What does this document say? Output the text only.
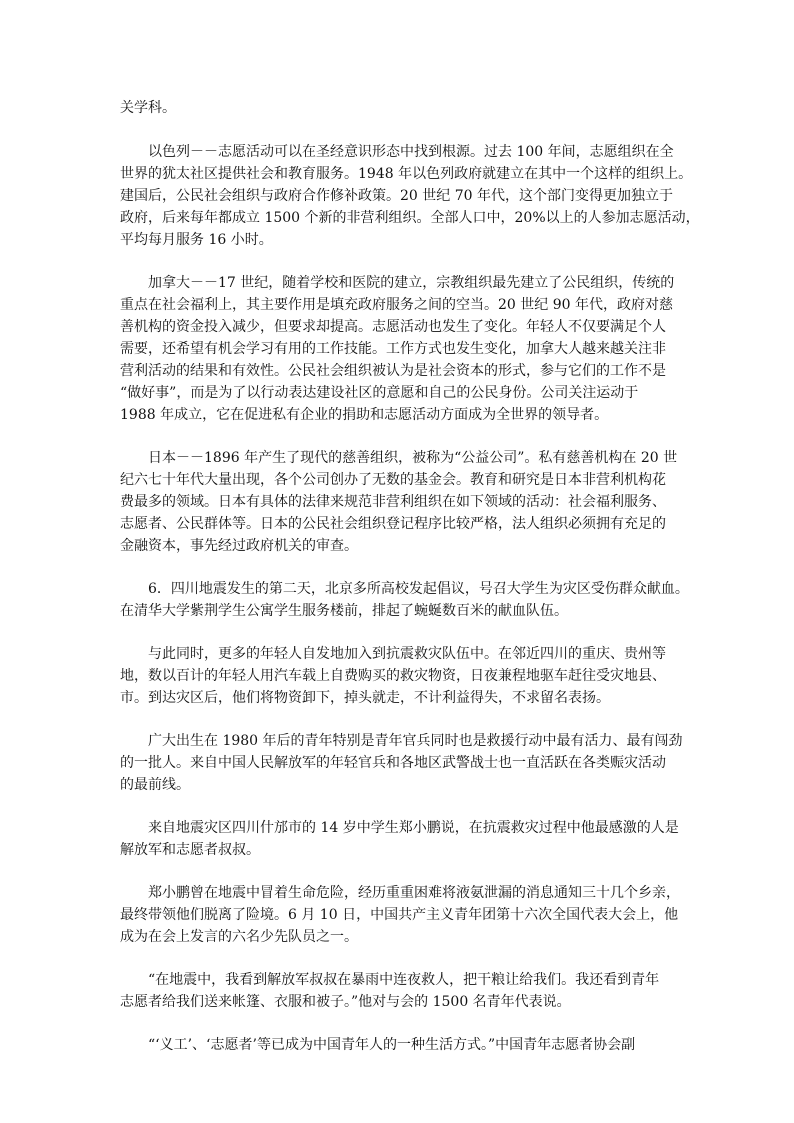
关学科。
以色列－－志愿活动可以在圣经意识形态中找到根源。过去 100 年间，志愿组织在全
世界的犹太社区提供社会和教育服务。1948 年以色列政府就建立在其中一个这样的组织上。
建国后，公民社会组织与政府合作修补政策。20 世纪 70 年代，这个部门变得更加独立于
政府，后来每年都成立 1500 个新的非营利组织。全部人口中，20%以上的人参加志愿活动，
平均每月服务 16 小时。
加拿大－－17 世纪，随着学校和医院的建立，宗教组织最先建立了公民组织，传统的
重点在社会福利上，其主要作用是填充政府服务之间的空当。20 世纪 90 年代，政府对慈
善机构的资金投入减少，但要求却提高。志愿活动也发生了变化。年轻人不仅要满足个人
需要，还希望有机会学习有用的工作技能。工作方式也发生变化，加拿大人越来越关注非
营利活动的结果和有效性。公民社会组织被认为是社会资本的形式，参与它们的工作不是
“做好事”，而是为了以行动表达建设社区的意愿和自己的公民身份。公司关注运动于
1988 年成立，它在促进私有企业的捐助和志愿活动方面成为全世界的领导者。
日本－－1896 年产生了现代的慈善组织，被称为“公益公司”。私有慈善机构在 20 世
纪六七十年代大量出现，各个公司创办了无数的基金会。教育和研究是日本非营利机构花
费最多的领域。日本有具体的法律来规范非营利组织在如下领域的活动：社会福利服务、
志愿者、公民群体等。日本的公民社会组织登记程序比较严格，法人组织必须拥有充足的
金融资本，事先经过政府机关的审查。
6．四川地震发生的第二天，北京多所高校发起倡议，号召大学生为灾区受伤群众献血。
在清华大学紫荆学生公寓学生服务楼前，排起了蜿蜒数百米的献血队伍。
与此同时，更多的年轻人自发地加入到抗震救灾队伍中。在邻近四川的重庆、贵州等
地，数以百计的年轻人用汽车载上自费购买的救灾物资，日夜兼程地驱车赶往受灾地县、
市。到达灾区后，他们将物资卸下，掉头就走，不计利益得失，不求留名表扬。
广大出生在 1980 年后的青年特别是青年官兵同时也是救援行动中最有活力、最有闯劲
的一批人。来自中国人民解放军的年轻官兵和各地区武警战士也一直活跃在各类赈灾活动
的最前线。
来自地震灾区四川什邡市的 14 岁中学生郑小鹏说，在抗震救灾过程中他最感激的人是
解放军和志愿者叔叔。
郑小鹏曾在地震中冒着生命危险，经历重重困难将液氨泄漏的消息通知三十几个乡亲，
最终带领他们脱离了险境。6 月 10 日，中国共产主义青年团第十六次全国代表大会上，他
成为在会上发言的六名少先队员之一。
“在地震中，我看到解放军叔叔在暴雨中连夜救人，把干粮让给我们。我还看到青年
志愿者给我们送来帐篷、衣服和被子。”他对与会的 1500 名青年代表说。
“‘义工’、‘志愿者’等已成为中国青年人的一种生活方式。”中国青年志愿者协会副
